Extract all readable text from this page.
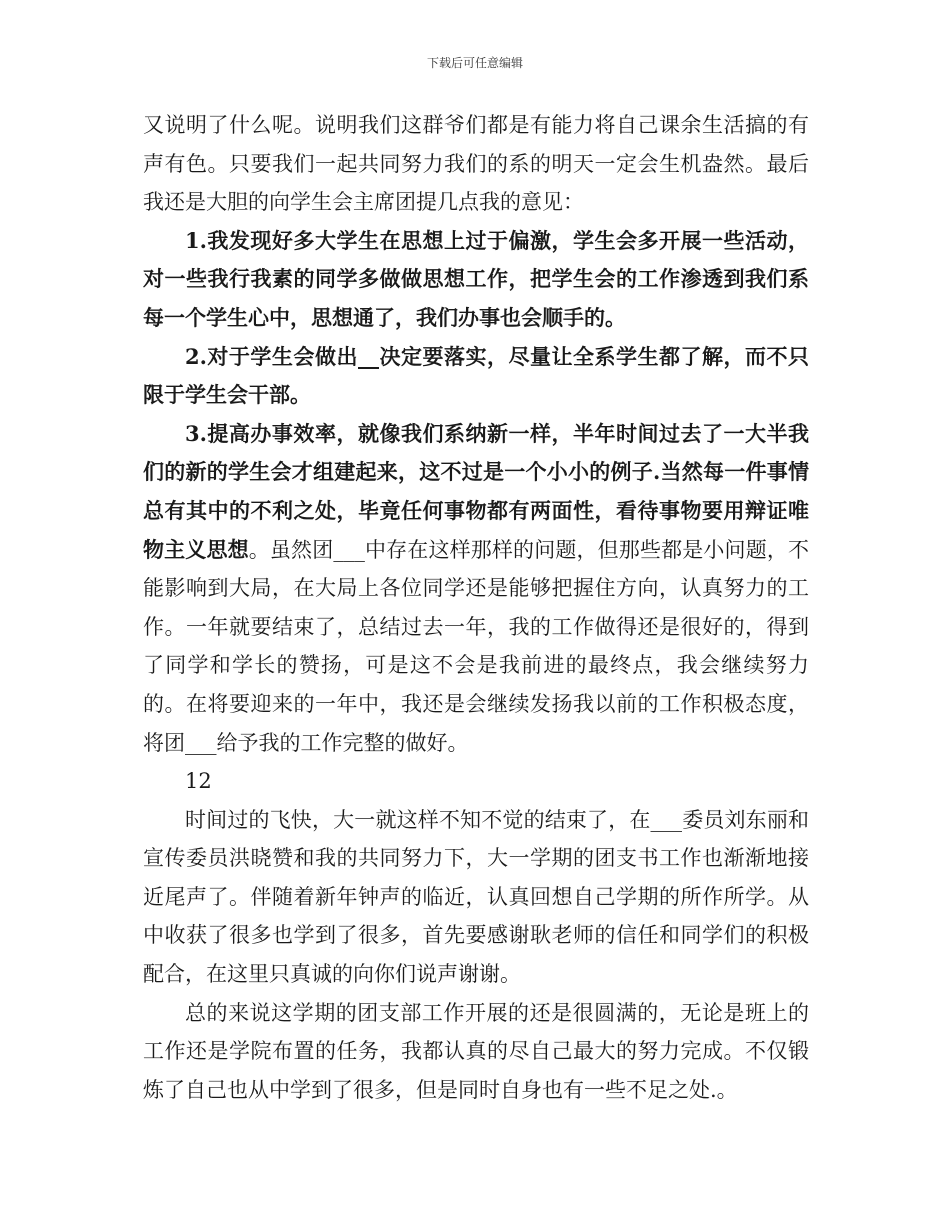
下载后可任意编辑

又说明了什么呢。说明我们这群爷们都是有能力将自己课余生活搞的有声有色。只要我们一起共同努力我们的系的明天一定会生机盎然。最后我还是大胆的向学生会主席团提几点我的意见：

1.我发现好多大学生在思想上过于偏激，学生会多开展一些活动，对一些我行我素的同学多做做思想工作，把学生会的工作渗透到我们系每一个学生心中，思想通了，我们办事也会顺手的。

2.对于学生会做出__决定要落实，尽量让全系学生都了解，而不只限于学生会干部。

3.提高办事效率，就像我们系纳新一样，半年时间过去了一大半我们的新的学生会才组建起来，这不过是一个小小的例子.当然每一件事情总有其中的不利之处，毕竟任何事物都有两面性，看待事物要用辩证唯物主义思想。虽然团___中存在这样那样的问题，但那些都是小问题，不能影响到大局，在大局上各位同学还是能够把握住方向，认真努力的工作。一年就要结束了，总结过去一年，我的工作做得还是很好的，得到了同学和学长的赞扬，可是这不会是我前进的最终点，我会继续努力的。在将要迎来的一年中，我还是会继续发扬我以前的工作积极态度，将团___给予我的工作完整的做好。

12

时间过的飞快，大一就这样不知不觉的结束了，在___委员刘东丽和宣传委员洪晓赞和我的共同努力下，大一学期的团支书工作也渐渐地接近尾声了。伴随着新年钟声的临近，认真回想自己学期的所作所学。从中收获了很多也学到了很多，首先要感谢耿老师的信任和同学们的积极配合，在这里只真诚的向你们说声谢谢。

总的来说这学期的团支部工作开展的还是很圆满的，无论是班上的工作还是学院布置的任务，我都认真的尽自己最大的努力完成。不仅锻炼了自己也从中学到了很多，但是同时自身也有一些不足之处.。
